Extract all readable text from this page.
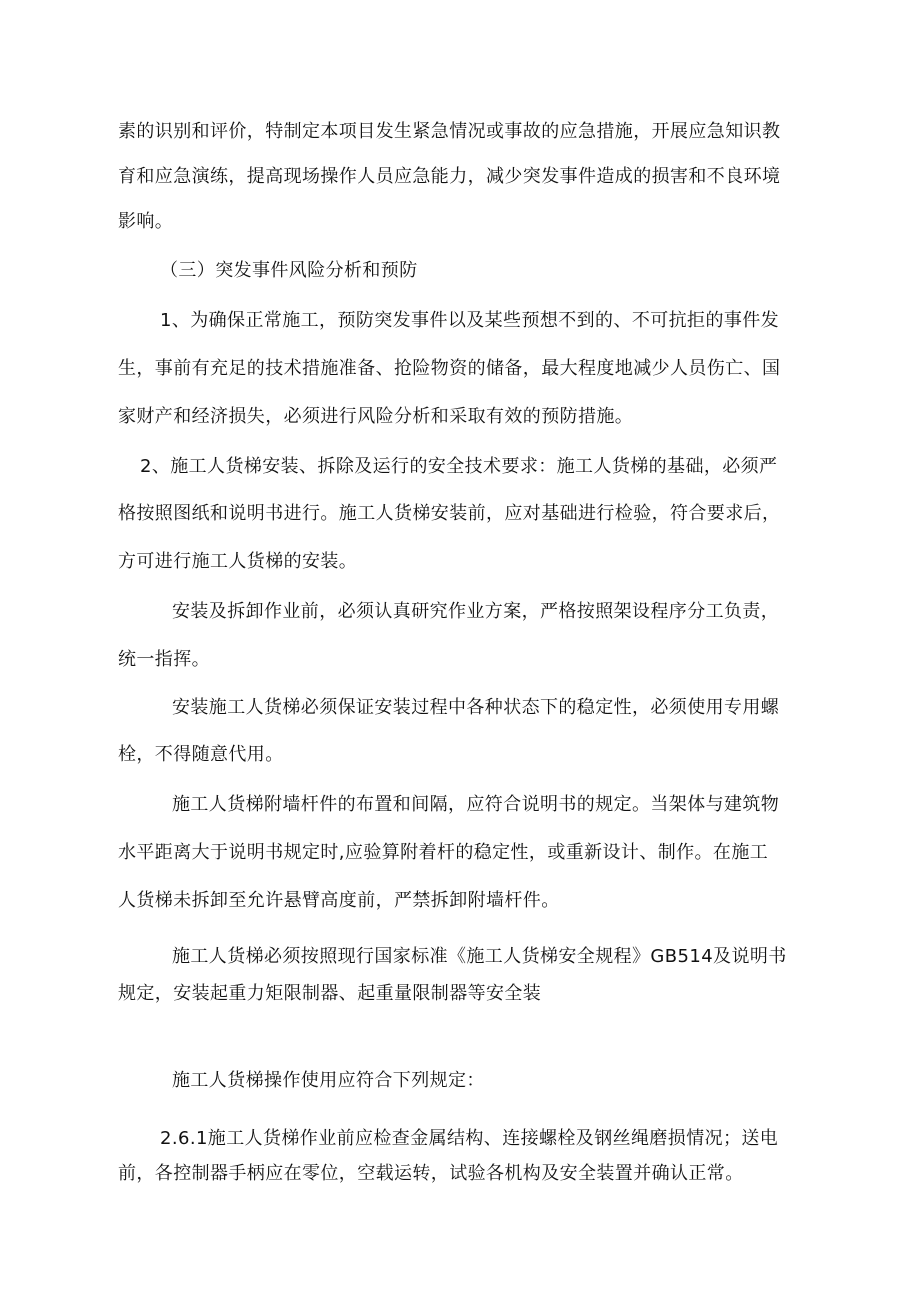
素的识别和评价，特制定本项目发生紧急情况或事故的应急措施，开展应急知识教
育和应急演练，提高现场操作人员应急能力，减少突发事件造成的损害和不良环境
影响。
（三）突发事件风险分析和预防
1、为确保正常施工，预防突发事件以及某些预想不到的、不可抗拒的事件发
生，事前有充足的技术措施准备、抢险物资的储备，最大程度地减少人员伤亡、国
家财产和经济损失，必须进行风险分析和采取有效的预防措施。
2、施工人货梯安装、拆除及运行的安全技术要求：施工人货梯的基础，必须严
格按照图纸和说明书进行。施工人货梯安装前，应对基础进行检验，符合要求后，
方可进行施工人货梯的安装。
安装及拆卸作业前，必须认真研究作业方案，严格按照架设程序分工负责，
统一指挥。
安装施工人货梯必须保证安装过程中各种状态下的稳定性，必须使用专用螺
栓，不得随意代用。
施工人货梯附墙杆件的布置和间隔，应符合说明书的规定。当架体与建筑物
水平距离大于说明书规定时,应验算附着杆的稳定性，或重新设计、制作。在施工
人货梯未拆卸至允许悬臂高度前，严禁拆卸附墙杆件。
施工人货梯必须按照现行国家标准《施工人货梯安全规程》GB514及说明书
规定，安装起重力矩限制器、起重量限制器等安全装
施工人货梯操作使用应符合下列规定：
2.6.1施工人货梯作业前应检查金属结构、连接螺栓及钢丝绳磨损情况；送电
前，各控制器手柄应在零位，空载运转，试验各机构及安全装置并确认正常。
